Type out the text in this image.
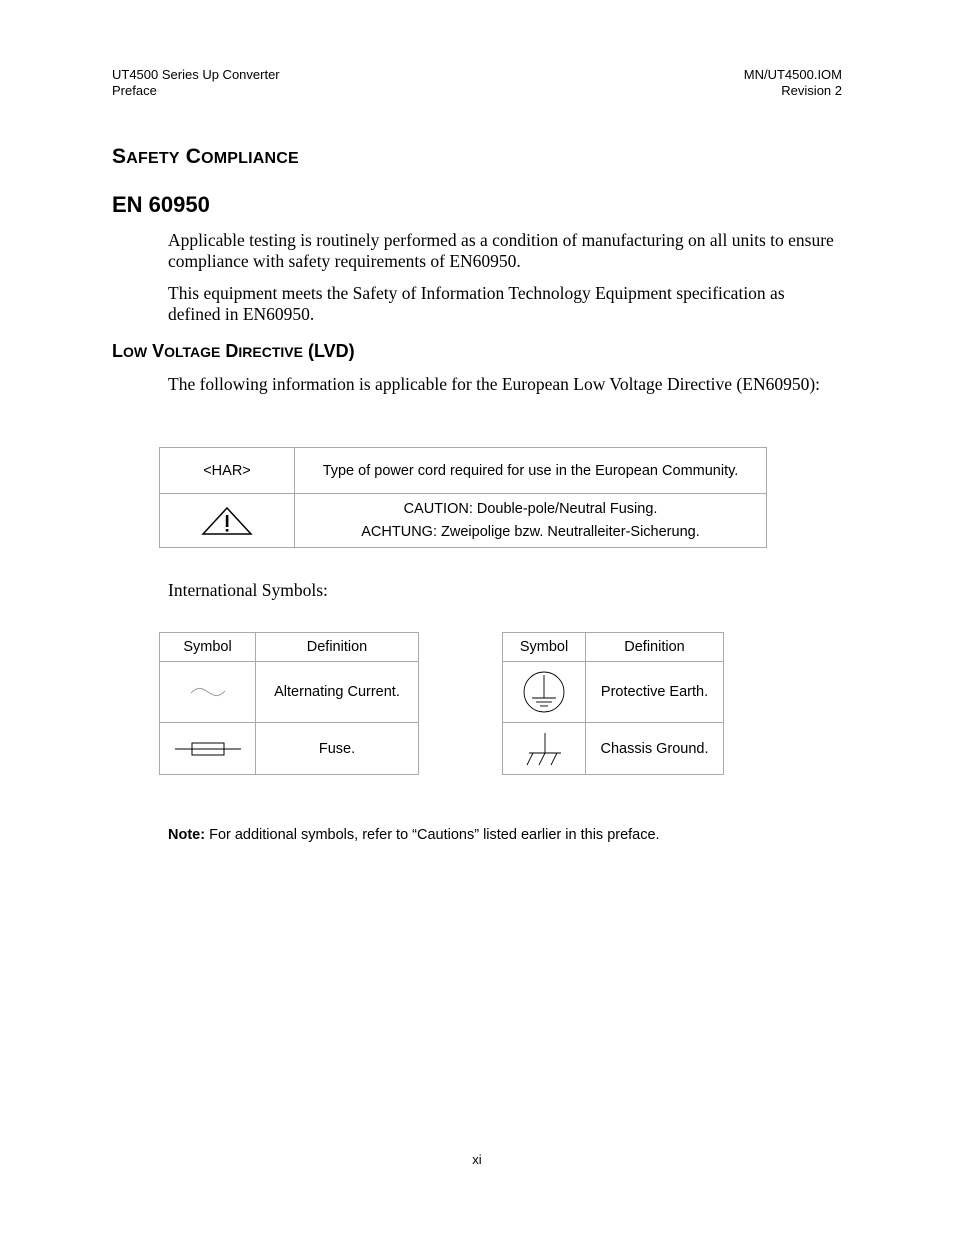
UT4500 Series Up Converter
Preface
MN/UT4500.IOM
Revision 2
SAFETY COMPLIANCE
EN 60950

Applicable testing is routinely performed as a condition of manufacturing on all units to ensure compliance with safety requirements of EN60950.

This equipment meets the Safety of Information Technology Equipment specification as defined in EN60950.

LOW VOLTAGE DIRECTIVE (LVD)

The following information is applicable for the European Low Voltage Directive (EN60950):

<HAR>	Type of power cord required for use in the European Community.

CAUTION: Double-pole/Neutral Fusing.
ACHTUNG: Zweipolige bzw. Neutralleiter-Sicherung.

International Symbols:

Symbol	Definition

	Alternating Current.

	Fuse.
Symbol	Definition

	Protective Earth.

	Chassis Ground.
Note: For additional symbols, refer to “Cautions” listed earlier in this preface.
xi
